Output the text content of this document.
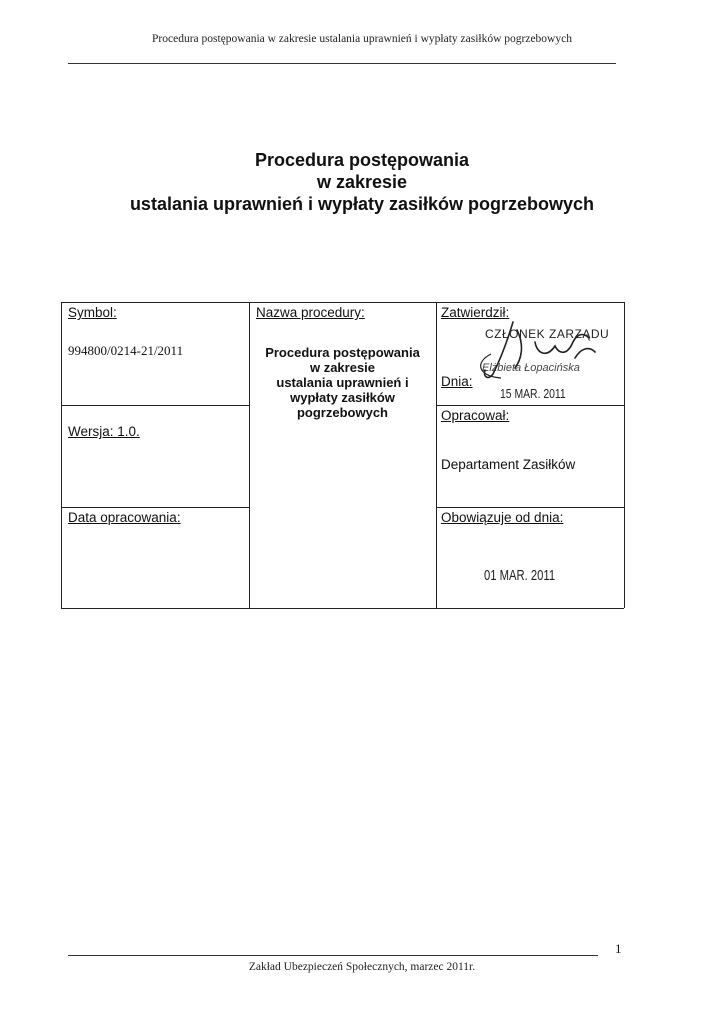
Procedura postępowania w zakresie ustalania uprawnień i wypłaty zasiłków pogrzebowych
Procedura postępowania
w zakresie
ustalania uprawnień i wypłaty zasiłków pogrzebowych
Symbol:
994800/0214-21/2011
Wersja: 1.0.
Data opracowania:
Nazwa procedury:
Procedura postępowania
w zakresie
ustalania uprawnień i
wypłaty zasiłków
pogrzebowych
Zatwierdził:
CZŁONEK ZARZĄDU
Elżbieta Łopacińska
Dnia:
15 MAR. 2011
Opracował:
Departament Zasiłków
Obowiązuje od dnia:
01 MAR. 2011
1
Zakład Ubezpieczeń Społecznych, marzec 2011r.
